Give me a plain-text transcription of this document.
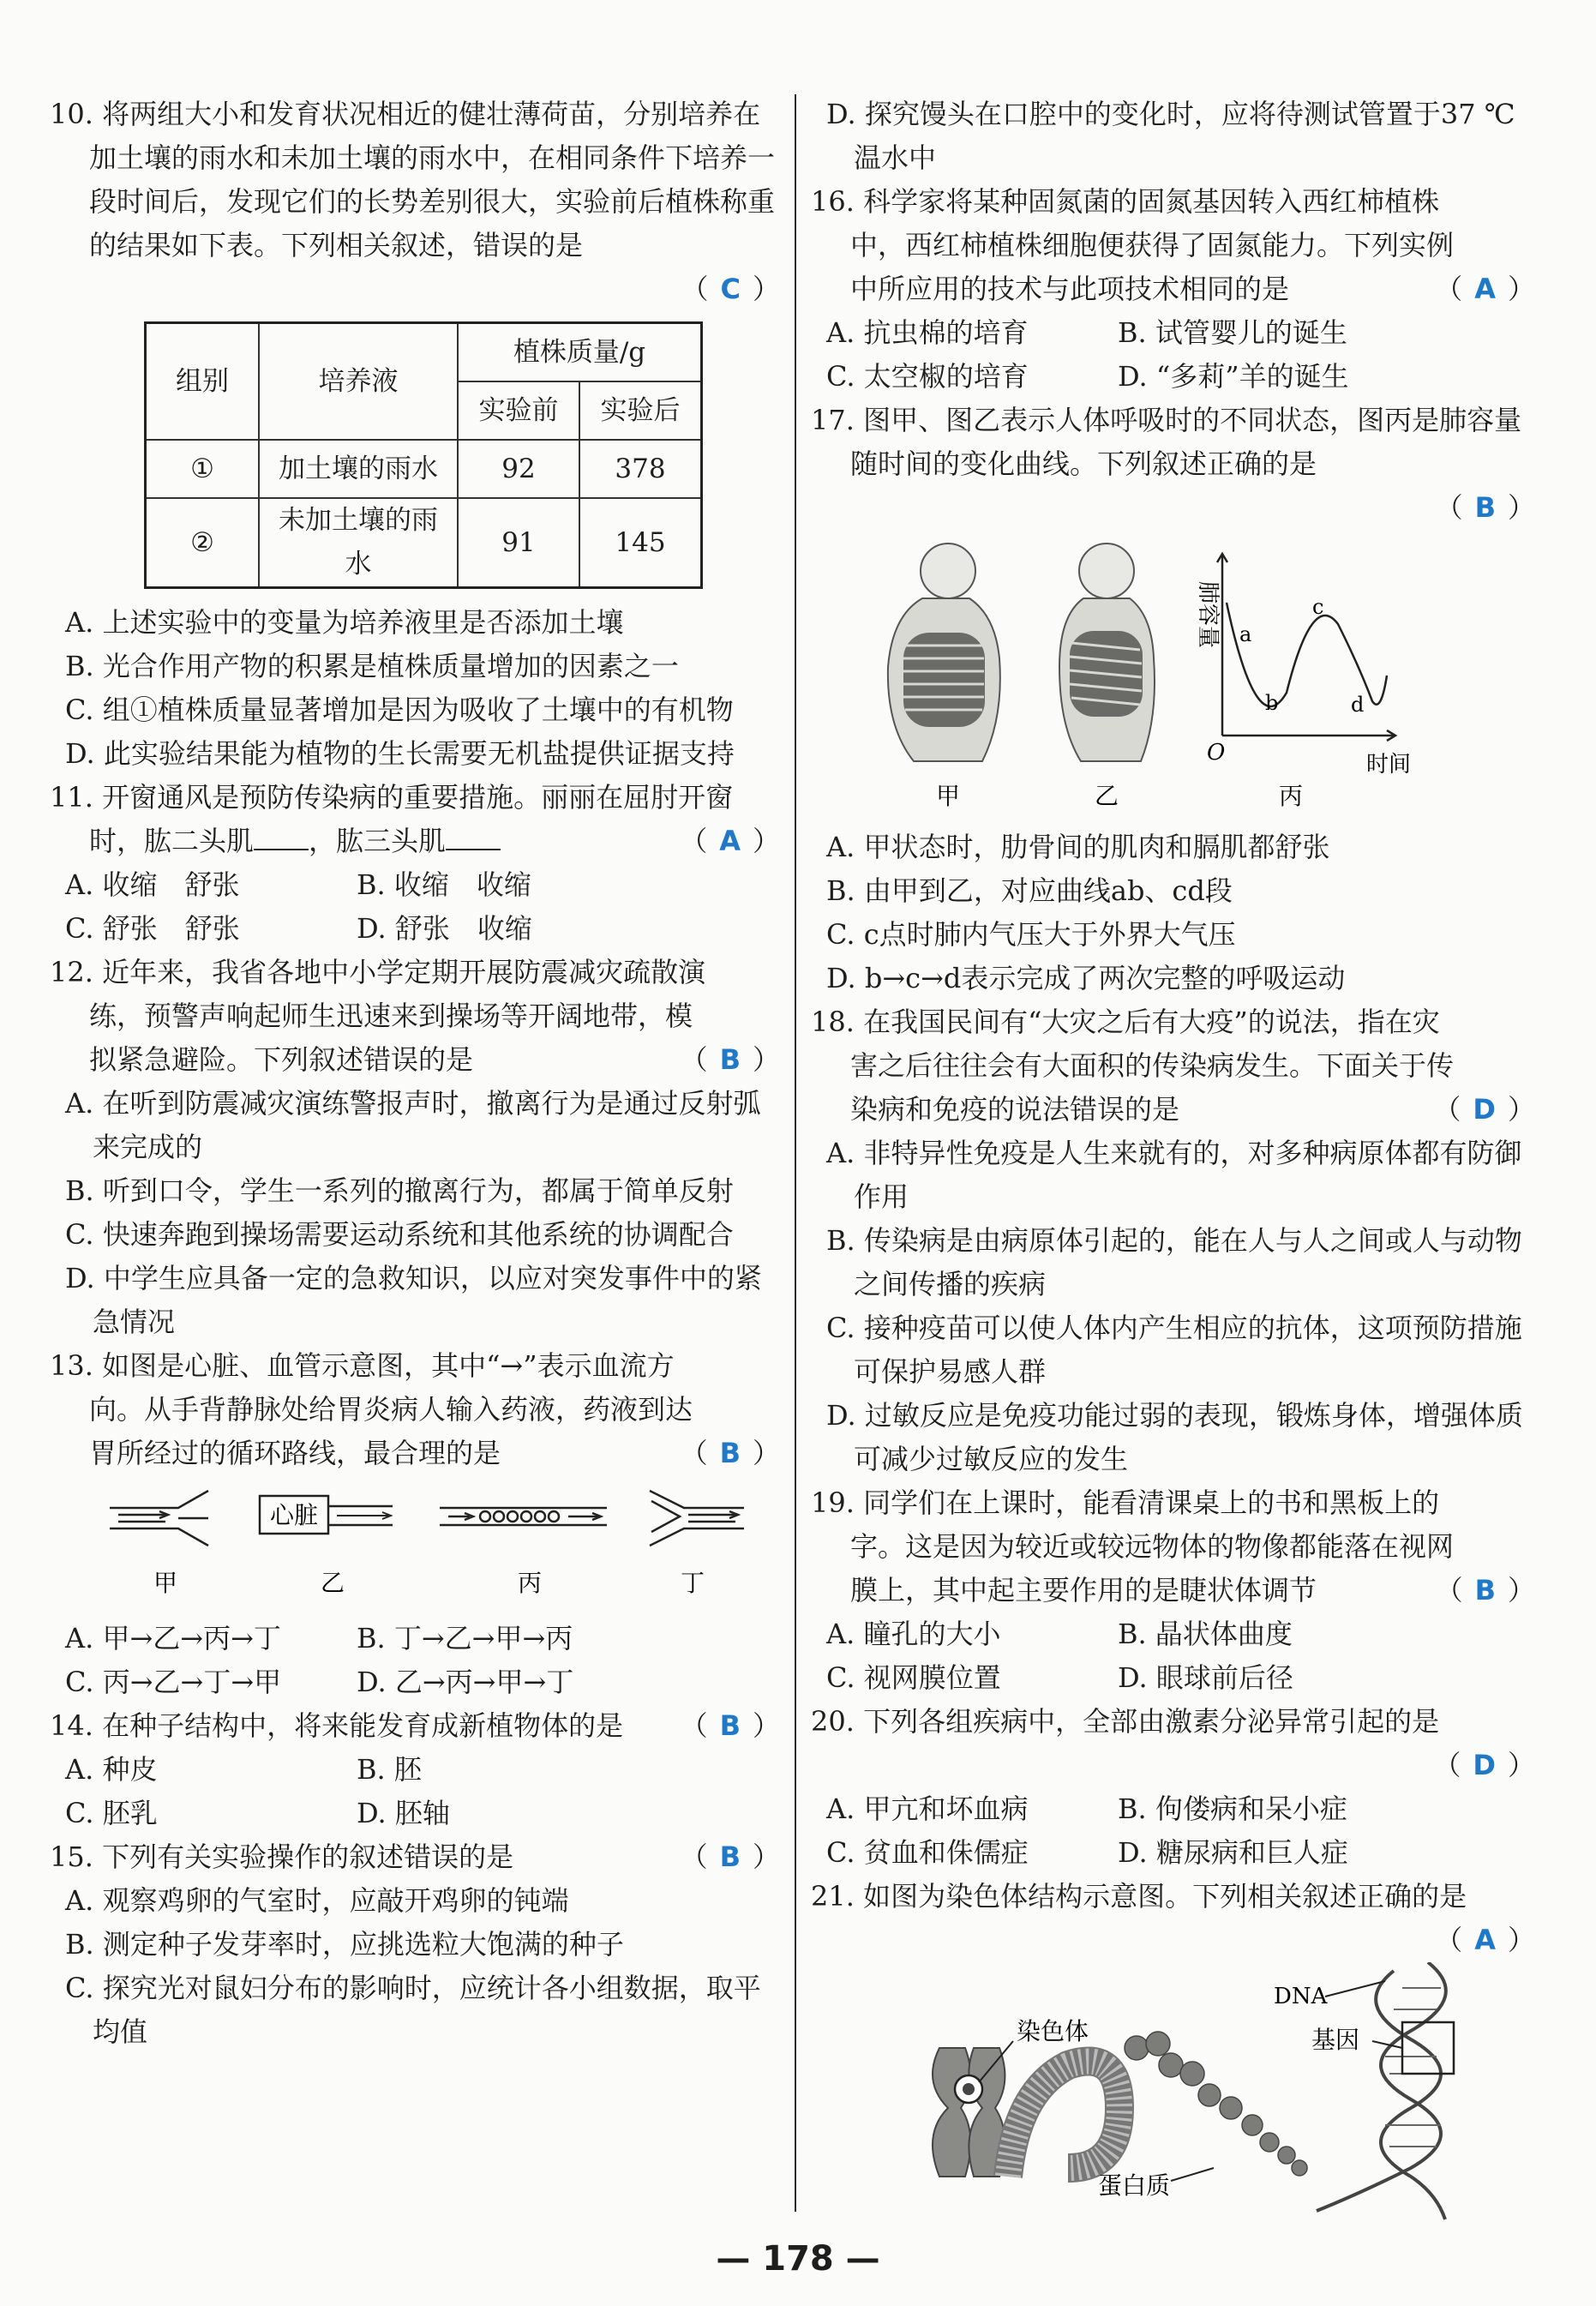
10. 将两组大小和发育状况相近的健壮薄荷苗，分别培养在加土壤的雨水和未加土壤的雨水中，在相同条件下培养一段时间后，发现它们的长势差别很大，实验前后植株称重的结果如下表。下列相关叙述，错误的是
（ C ）
组别	培养液	植株质量/g	
		实验前	实验后
①	加土壤的雨水	92	378
②	未加土壤的雨水	91	145
A. 上述实验中的变量为培养液里是否添加土壤
B. 光合作用产物的积累是植株质量增加的因素之一
C. 组①植株质量显著增加是因为吸收了土壤中的有机物
D. 此实验结果能为植物的生长需要无机盐提供证据支持
11. 开窗通风是预防传染病的重要措施。丽丽在屈肘开窗时，肱二头肌 ，肱三头肌	（ A ）
A. 收缩　舒张	B. 收缩　收缩
C. 舒张　舒张	D. 舒张　收缩
12. 近年来，我省各地中小学定期开展防震减灾疏散演练，预警声响起师生迅速来到操场等开阔地带，模拟紧急避险。下列叙述错误的是	（ B ）
A. 在听到防震减灾演练警报声时，撤离行为是通过反射弧来完成的
B. 听到口令，学生一系列的撤离行为，都属于简单反射
C. 快速奔跑到操场需要运动系统和其他系统的协调配合
D. 中学生应具备一定的急救知识，以应对突发事件中的紧急情况
13. 如图是心脏、血管示意图，其中“→”表示血流方向。从手背静脉处给胃炎病人输入药液，药液到达胃所经过的循环路线，最合理的是	（ B ）
心脏
甲	乙	丙	丁
A. 甲→乙→丙→丁	B. 丁→乙→甲→丙
C. 丙→乙→丁→甲	D. 乙→丙→甲→丁
14. 在种子结构中，将来能发育成新植物体的是 （ B ）
A. 种皮	B. 胚
C. 胚乳	D. 胚轴
15. 下列有关实验操作的叙述错误的是	（ B ）
A. 观察鸡卵的气室时，应敲开鸡卵的钝端
B. 测定种子发芽率时，应挑选粒大饱满的种子
C. 探究光对鼠妇分布的影响时，应统计各小组数据，取平均值
D. 探究馒头在口腔中的变化时，应将待测试管置于37 ℃温水中
16. 科学家将某种固氮菌的固氮基因转入西红柿植株中，西红柿植株细胞便获得了固氮能力。下列实例中所应用的技术与此项技术相同的是	（ A ）
A. 抗虫棉的培育	B. 试管婴儿的诞生
C. 太空椒的培育	D. “多莉”羊的诞生
17. 图甲、图乙表示人体呼吸时的不同状态，图丙是肺容量随时间的变化曲线。下列叙述正确的是
（ B ）
肺容量 a
b
c
d
O	时间
甲	乙	丙
A. 甲状态时，肋骨间的肌肉和膈肌都舒张
B. 由甲到乙，对应曲线ab、cd段
C. c点时肺内气压大于外界大气压
D. b→c→d表示完成了两次完整的呼吸运动
18. 在我国民间有“大灾之后有大疫”的说法，指在灾害之后往往会有大面积的传染病发生。下面关于传染病和免疫的说法错误的是	（ D ）
A. 非特异性免疫是人生来就有的，对多种病原体都有防御作用
B. 传染病是由病原体引起的，能在人与人之间或人与动物之间传播的疾病
C. 接种疫苗可以使人体内产生相应的抗体，这项预防措施可保护易感人群
D. 过敏反应是免疫功能过弱的表现，锻炼身体，增强体质可减少过敏反应的发生
19. 同学们在上课时，能看清课桌上的书和黑板上的字。这是因为较近或较远物体的物像都能落在视网膜上，其中起主要作用的是睫状体调节	（ B ）
A. 瞳孔的大小	B. 晶状体曲度
C. 视网膜位置	D. 眼球前后径
20. 下列各组疾病中，全部由激素分泌异常引起的是
（ D ）
A. 甲亢和坏血病	B. 佝偻病和呆小症
C. 贫血和侏儒症	D. 糖尿病和巨人症
21. 如图为染色体结构示意图。下列相关叙述正确的是
（ A ）
DNA
染色体	基因
蛋白质
— 178 —
